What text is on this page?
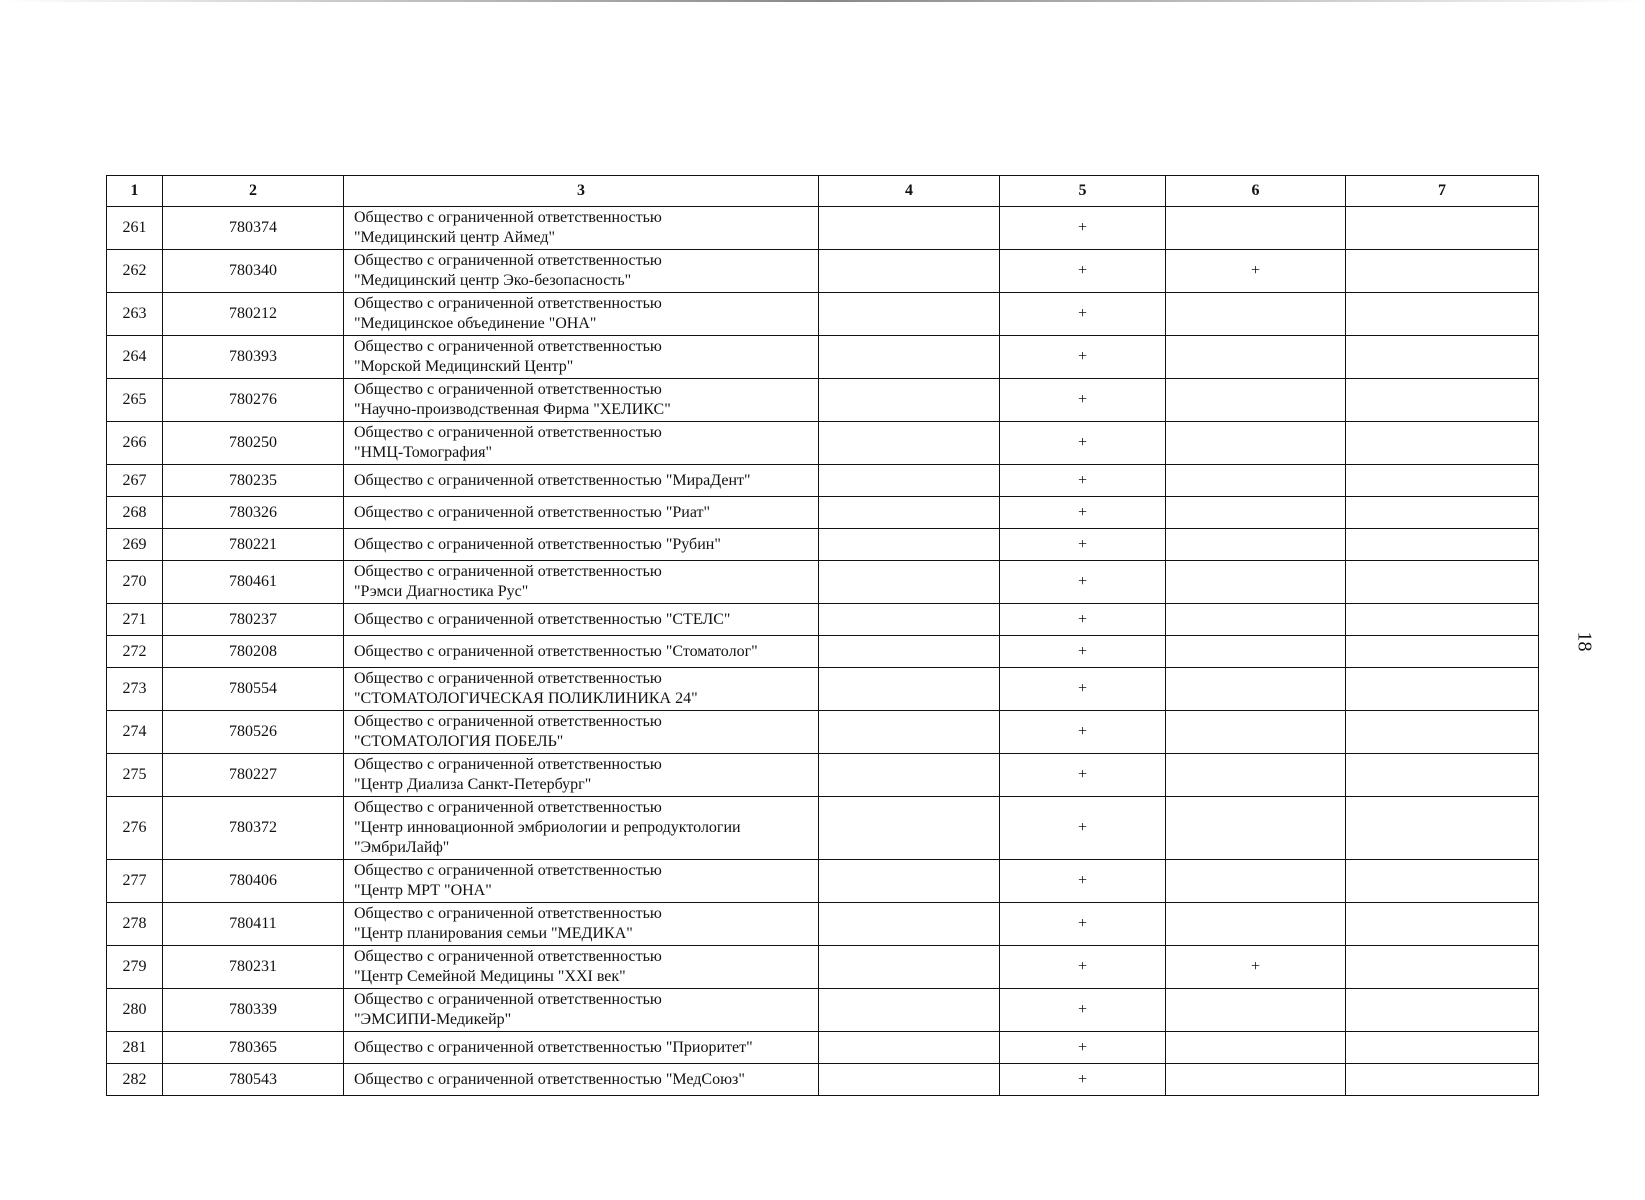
1	2	3	4	5	6	7
261	780374	Общество с ограниченной ответственностью
"Медицинский центр Аймед"		+		
262	780340	Общество с ограниченной ответственностью
"Медицинский центр Эко-безопасность"		+	+	
263	780212	Общество с ограниченной ответственностью
"Медицинское объединение "ОНА"		+		
264	780393	Общество с ограниченной ответственностью
"Морской Медицинский Центр"		+		
265	780276	Общество с ограниченной ответственностью
"Научно-производственная Фирма "ХЕЛИКС"		+		
266	780250	Общество с ограниченной ответственностью
"НМЦ-Томография"		+		
267	780235	Общество с ограниченной ответственностью "МираДент"		+		
268	780326	Общество с ограниченной ответственностью "Риат"		+		
269	780221	Общество с ограниченной ответственностью "Рубин"		+		
270	780461	Общество с ограниченной ответственностью
"Рэмси Диагностика Рус"		+		
271	780237	Общество с ограниченной ответственностью "СТЕЛС"		+		
272	780208	Общество с ограниченной ответственностью "Стоматолог"		+		
273	780554	Общество с ограниченной ответственностью
"СТОМАТОЛОГИЧЕСКАЯ ПОЛИКЛИНИКА 24"		+		
274	780526	Общество с ограниченной ответственностью
"СТОМАТОЛОГИЯ ПОБЕЛЬ"		+		
275	780227	Общество с ограниченной ответственностью
"Центр Диализа Санкт-Петербург"		+		
276	780372	Общество с ограниченной ответственностью
"Центр инновационной эмбриологии и репродуктологии
"ЭмбриЛайф"		+		
277	780406	Общество с ограниченной ответственностью
"Центр МРТ "ОНА"		+		
278	780411	Общество с ограниченной ответственностью
"Центр планирования семьи "МЕДИКА"		+		
279	780231	Общество с ограниченной ответственностью
"Центр Семейной Медицины "XXI век"		+	+	
280	780339	Общество с ограниченной ответственностью
"ЭМСИПИ-Медикейр"		+		
281	780365	Общество с ограниченной ответственностью "Приоритет"		+		
282	780543	Общество с ограниченной ответственностью "МедСоюз"		+		
18
